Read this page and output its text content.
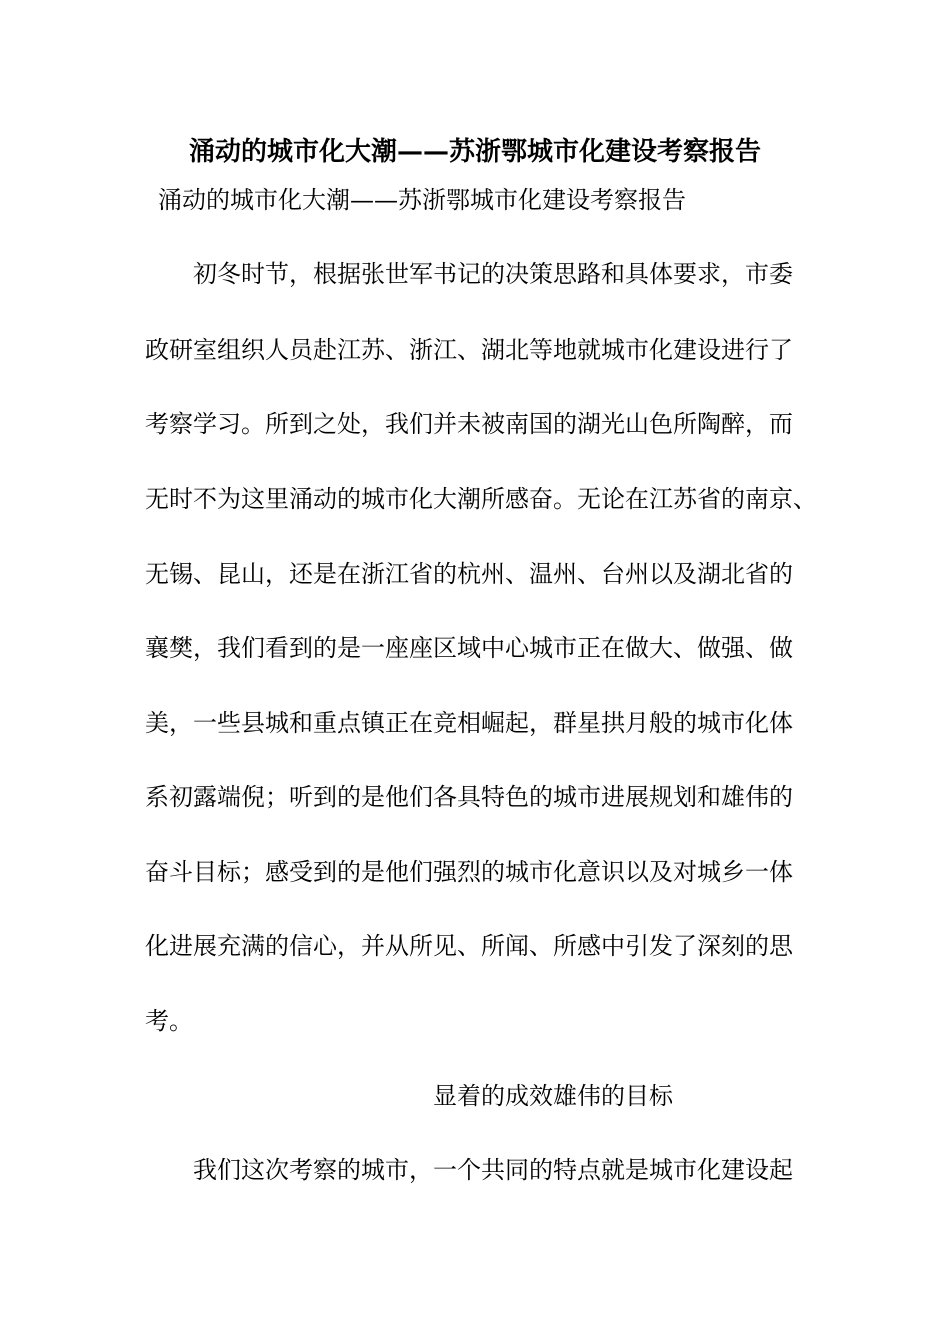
涌动的城市化大潮——苏浙鄂城市化建设考察报告
涌动的城市化大潮——苏浙鄂城市化建设考察报告
初冬时节，根据张世军书记的决策思路和具体要求，市委
政研室组织人员赴江苏、浙江、湖北等地就城市化建设进行了
考察学习。所到之处，我们并未被南国的湖光山色所陶醉，而
无时不为这里涌动的城市化大潮所感奋。无论在江苏省的南京、
无锡、昆山，还是在浙江省的杭州、温州、台州以及湖北省的
襄樊，我们看到的是一座座区域中心城市正在做大、做强、做
美，一些县城和重点镇正在竞相崛起，群星拱月般的城市化体
系初露端倪；听到的是他们各具特色的城市进展规划和雄伟的
奋斗目标；感受到的是他们强烈的城市化意识以及对城乡一体
化进展充满的信心，并从所见、所闻、所感中引发了深刻的思
考。
显着的成效雄伟的目标
我们这次考察的城市，一个共同的特点就是城市化建设起
